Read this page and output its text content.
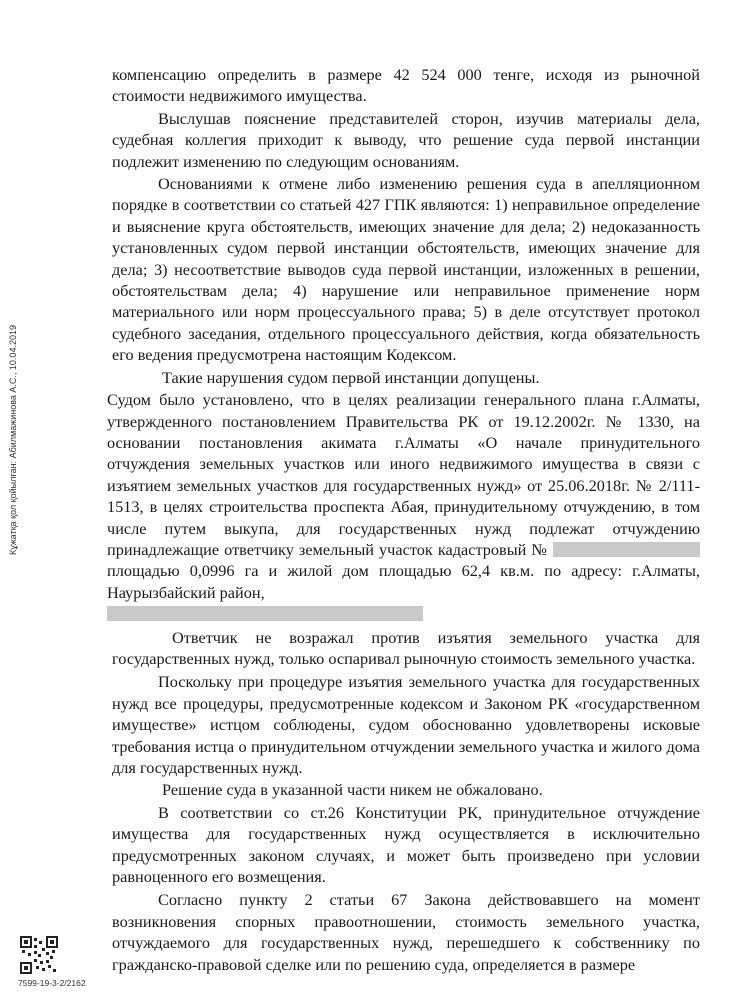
компенсацию определить в размере 42 524 000 тенге, исходя из рыночной стоимости недвижимого имущества.

Выслушав пояснение представителей сторон, изучив материалы дела, судебная коллегия приходит к выводу, что решение суда первой инстанции подлежит изменению по следующим основаниям.

Основаниями к отмене либо изменению решения суда в апелляционном порядке в соответствии со статьей 427 ГПК являются: 1) неправильное определение и выяснение круга обстоятельств, имеющих значение для дела; 2) недоказанность установленных судом первой инстанции обстоятельств, имеющих значение для дела; 3) несоответствие выводов суда первой инстанции, изложенных в решении, обстоятельствам дела; 4) нарушение или неправильное применение норм материального или норм процессуального права; 5) в деле отсутствует протокол судебного заседания, отдельного процессуального действия, когда обязательность его ведения предусмотрена настоящим Кодексом.

Такие нарушения судом первой инстанции допущены.

Судом было установлено, что в целях реализации генерального плана г.Алматы, утвержденного постановлением Правительства РК от 19.12.2002г. № 1330, на основании постановления акимата г.Алматы «О начале принудительного отчуждения земельных участков или иного недвижимого имущества в связи с изъятием земельных участков для государственных нужд» от 25.06.2018г. № 2/111-1513, в целях строительства проспекта Абая, принудительному отчуждению, в том числе путем выкупа, для государственных нужд подлежат отчуждению принадлежащие ответчику земельный участок кадастровый №  площадью 0,0996 га и жилой дом площадью 62,4 кв.м. по адресу: г.Алматы, Наурызбайский район,

Ответчик не возражал против изъятия земельного участка для государственных нужд, только оспаривал рыночную стоимость земельного участка.

Поскольку при процедуре изъятия земельного участка для государственных нужд все процедуры, предусмотренные кодексом и Законом РК «государственном имуществе» истцом соблюдены, судом обоснованно удовлетворены исковые требования истца о принудительном отчуждении земельного участка и жилого дома для государственных нужд.

Решение суда в указанной части никем не обжаловано.

В соответствии со ст.26 Конституции РК, принудительное отчуждение имущества для государственных нужд осуществляется в исключительно предусмотренных законом случаях, и может быть произведено при условии равноценного его возмещения.

Согласно пункту 2 статьи 67 Закона действовавшего на момент возникновения спорных правоотношении, стоимость земельного участка, отчуждаемого для государственных нужд, перешедшего к собственнику по гражданско-правовой сделке или по решению суда, определяется в размере

Кұжатқа қол қойылған: Абилмажинова А.С., 10.04.2019
7599-19-3-2/2162
